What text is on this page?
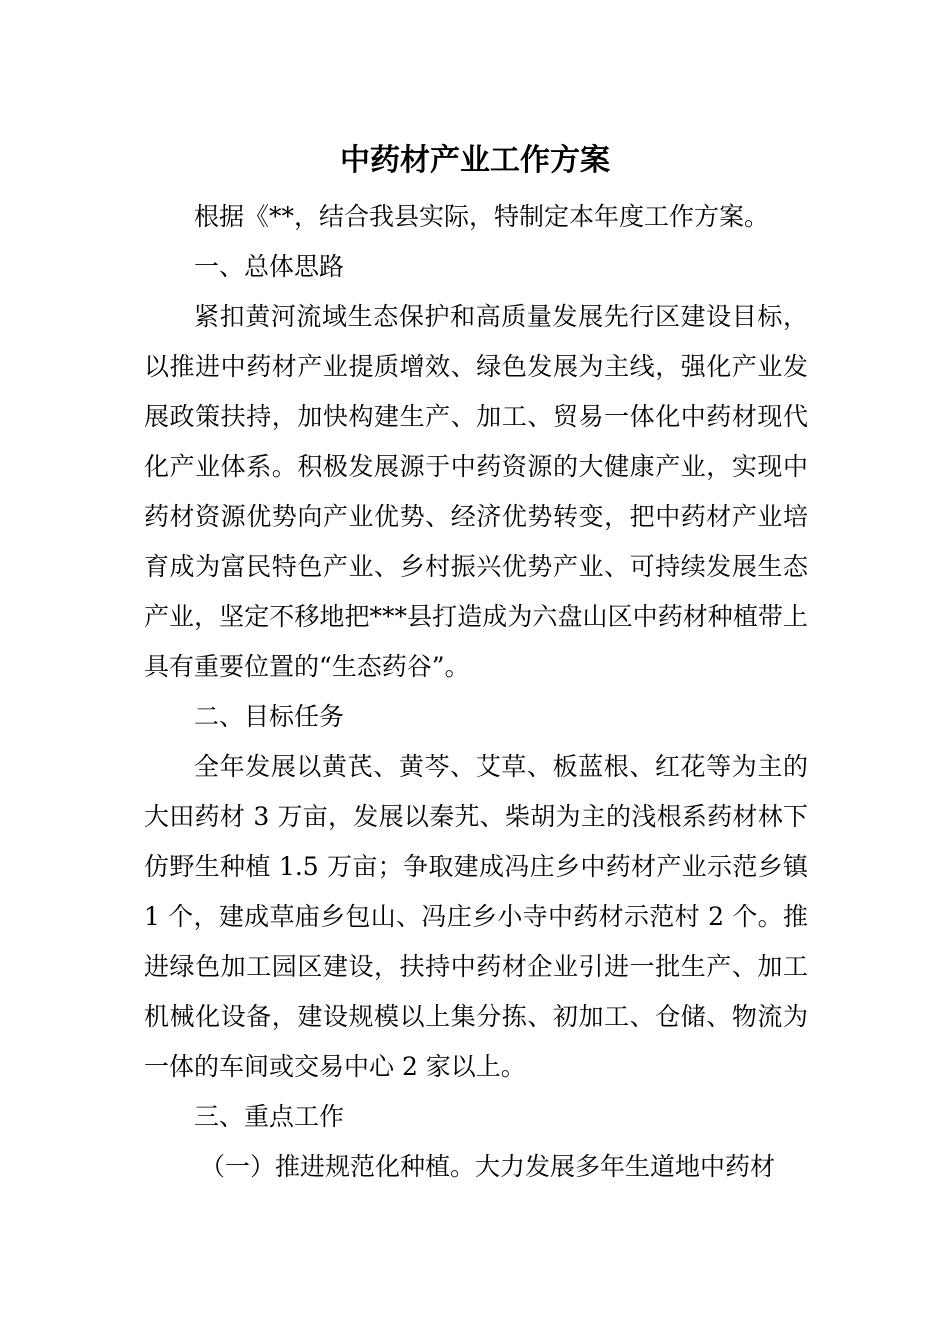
中药材产业工作方案

根据《**，结合我县实际，特制定本年度工作方案。

一、总体思路

紧扣黄河流域生态保护和高质量发展先行区建设目标，以推进中药材产业提质增效、绿色发展为主线，强化产业发展政策扶持，加快构建生产、加工、贸易一体化中药材现代化产业体系。积极发展源于中药资源的大健康产业，实现中药材资源优势向产业优势、经济优势转变，把中药材产业培育成为富民特色产业、乡村振兴优势产业、可持续发展生态产业，坚定不移地把***县打造成为六盘山区中药材种植带上具有重要位置的“生态药谷”。

二、目标任务

全年发展以黄芪、黄芩、艾草、板蓝根、红花等为主的大田药材 3 万亩，发展以秦艽、柴胡为主的浅根系药材林下仿野生种植 1.5 万亩；争取建成冯庄乡中药材产业示范乡镇 1 个，建成草庙乡包山、冯庄乡小寺中药材示范村 2 个。推进绿色加工园区建设，扶持中药材企业引进一批生产、加工机械化设备，建设规模以上集分拣、初加工、仓储、物流为一体的车间或交易中心 2 家以上。

三、重点工作

（一）推进规范化种植。大力发展多年生道地中药材
